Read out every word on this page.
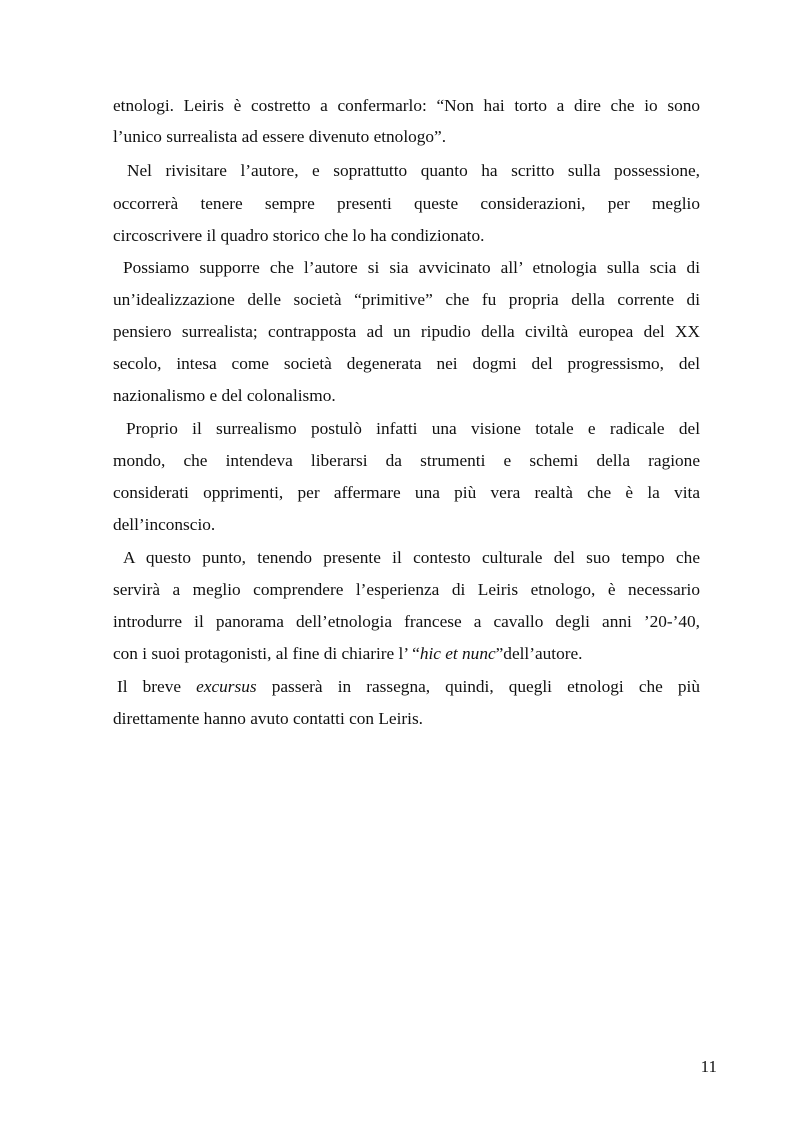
etnologi. Leiris è costretto a confermarlo: “Non hai torto a dire che io sono
l’unico surrealista ad essere divenuto etnologo”.
Nel rivisitare l’autore, e soprattutto quanto ha scritto sulla possessione,
occorrerà tenere sempre presenti queste considerazioni, per meglio
circoscrivere il quadro storico che lo ha condizionato.
Possiamo supporre che l’autore si sia avvicinato all’ etnologia sulla scia di
un’idealizzazione delle società “primitive” che fu propria della corrente di
pensiero surrealista; contrapposta ad un ripudio della civiltà europea del XX
secolo, intesa come società degenerata nei dogmi del progressismo, del
nazionalismo e del colonalismo.
Proprio il surrealismo postulò infatti una visione totale e radicale del
mondo, che intendeva liberarsi da strumenti e schemi della ragione
considerati opprimenti, per affermare una più vera realtà che è la vita
dell’inconscio.
A questo punto, tenendo presente il contesto culturale del suo tempo che
servirà a meglio comprendere l’esperienza di Leiris etnologo, è necessario
introdurre il panorama dell’etnologia francese a cavallo degli anni ’20-’40,
con i suoi protagonisti, al fine di chiarire l’ “hic et nunc”dell’autore.
Il breve excursus passerà in rassegna, quindi, quegli etnologi che più
direttamente hanno avuto contatti con Leiris.
11
